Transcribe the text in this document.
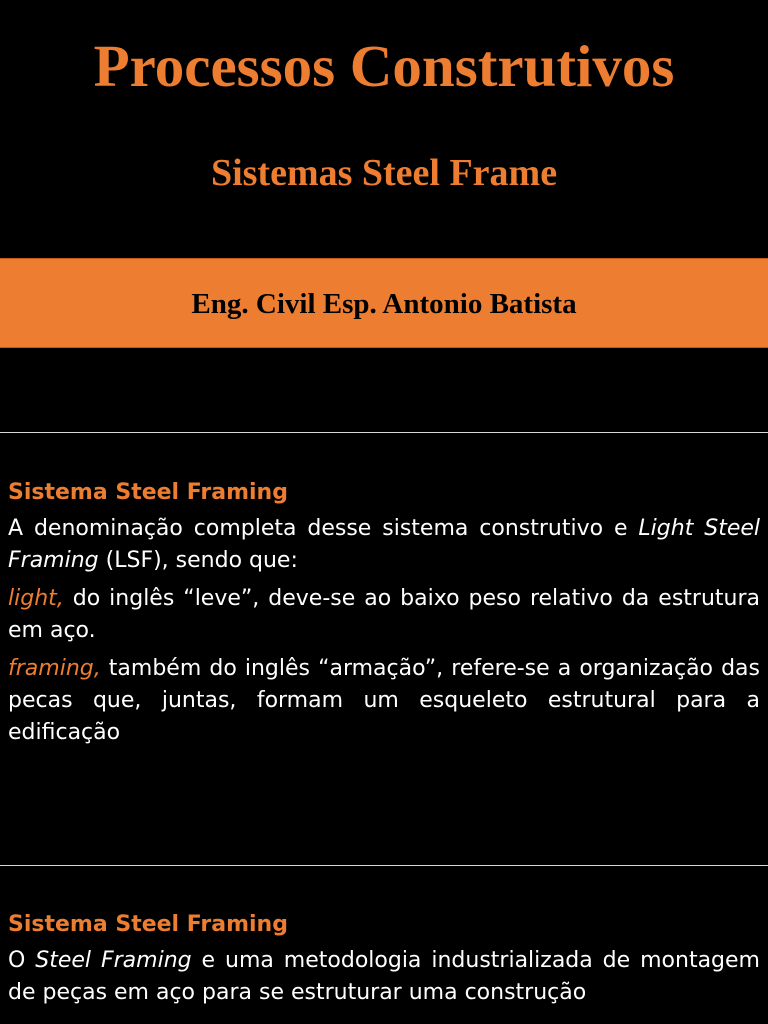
Processos Construtivos
Sistemas Steel Frame
Eng. Civil Esp. Antonio Batista
Sistema Steel Framing

A denominação completa desse sistema construtivo e Light Steel Framing (LSF), sendo que:

light, do inglês “leve”, deve-se ao baixo peso relativo da estrutura em aço.

framing, também do inglês “armação”, refere-se a organização das pecas que, juntas, formam um esqueleto estrutural para a edificação

Sistema Steel Framing

O Steel Framing e uma metodologia industrializada de montagem de peças em aço para se estruturar uma construção
